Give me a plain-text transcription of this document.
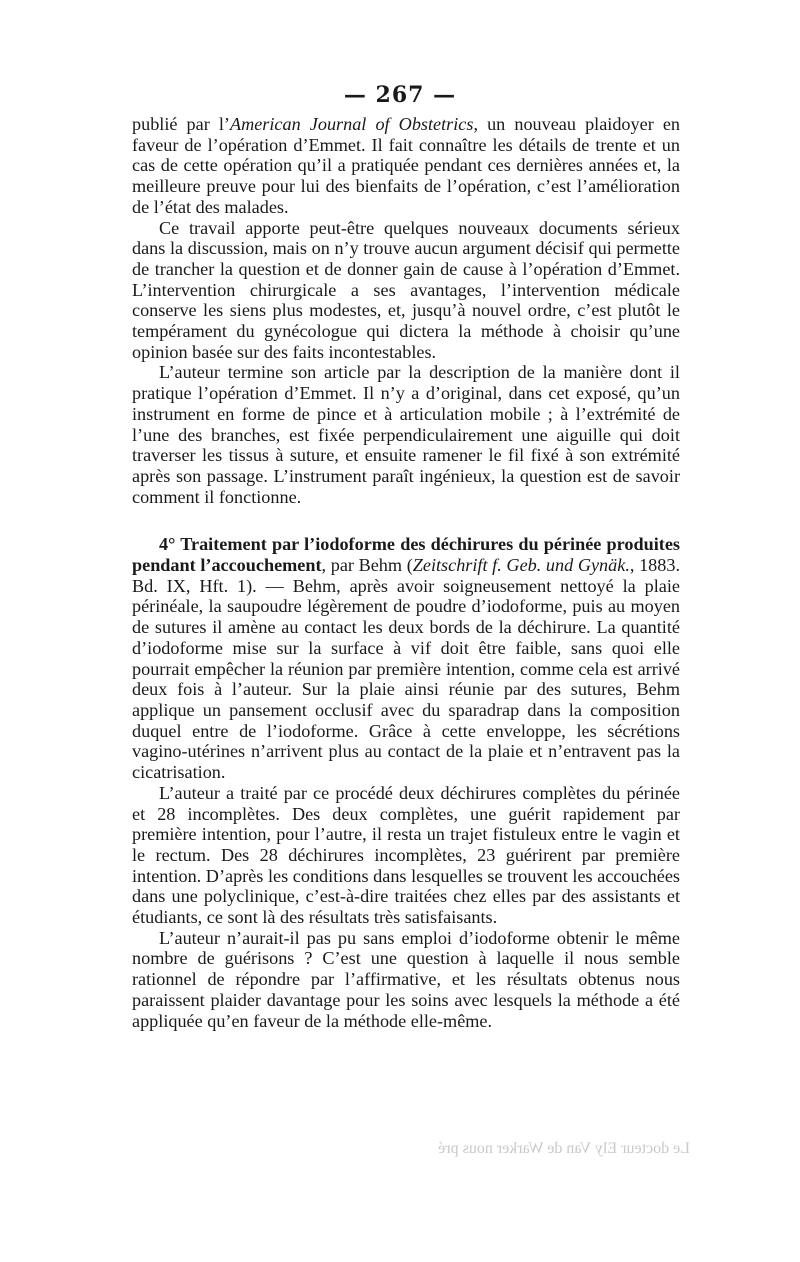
— 267 —

publié par l’American Journal of Obstetrics, un nouveau plaidoyer en faveur de l’opération d’Emmet. Il fait connaître les détails de trente et un cas de cette opération qu’il a pratiquée pendant ces dernières années et, la meilleure preuve pour lui des bienfaits de l’opération, c’est l’amélioration de l’état des malades.

Ce travail apporte peut-être quelques nouveaux documents sérieux dans la discussion, mais on n’y trouve aucun argument décisif qui permette de trancher la question et de donner gain de cause à l’opération d’Emmet. L’intervention chirurgicale a ses avantages, l’intervention médicale conserve les siens plus modestes, et, jusqu’à nouvel ordre, c’est plutôt le tempérament du gynécologue qui dictera la méthode à choisir qu’une opinion basée sur des faits incontestables.

L’auteur termine son article par la description de la manière dont il pratique l’opération d’Emmet. Il n’y a d’original, dans cet exposé, qu’un instrument en forme de pince et à articulation mobile ; à l’extrémité de l’une des branches, est fixée perpendiculairement une aiguille qui doit traverser les tissus à suture, et ensuite ramener le fil fixé à son extrémité après son passage. L’instrument paraît ingénieux, la question est de savoir comment il fonctionne.

4° Traitement par l’iodoforme des déchirures du périnée produites pendant l’accouchement, par Behm (Zeitschrift f. Geb. und Gynäk., 1883. Bd. IX, Hft. 1). — Behm, après avoir soigneusement nettoyé la plaie périnéale, la saupoudre légèrement de poudre d’iodoforme, puis au moyen de sutures il amène au contact les deux bords de la déchirure. La quantité d’iodoforme mise sur la surface à vif doit être faible, sans quoi elle pourrait empêcher la réunion par première intention, comme cela est arrivé deux fois à l’auteur. Sur la plaie ainsi réunie par des sutures, Behm applique un pansement occlusif avec du sparadrap dans la composition duquel entre de l’iodoforme. Grâce à cette enveloppe, les sécrétions vagino-utérines n’arrivent plus au contact de la plaie et n’entravent pas la cicatrisation.

L’auteur a traité par ce procédé deux déchirures complètes du périnée et 28 incomplètes. Des deux complètes, une guérit rapidement par première intention, pour l’autre, il resta un trajet fistuleux entre le vagin et le rectum. Des 28 déchirures incomplètes, 23 guérirent par première intention. D’après les conditions dans lesquelles se trouvent les accouchées dans une polyclinique, c’est-à-dire traitées chez elles par des assistants et étudiants, ce sont là des résultats très satisfaisants.

L’auteur n’aurait-il pas pu sans emploi d’iodoforme obtenir le même nombre de guérisons ? C’est une question à laquelle il nous semble rationnel de répondre par l’affirmative, et les résultats obtenus nous paraissent plaider davantage pour les soins avec lesquels la méthode a été appliquée qu’en faveur de la méthode elle-même.

Le docteur Ely Van de Warker nous pré
